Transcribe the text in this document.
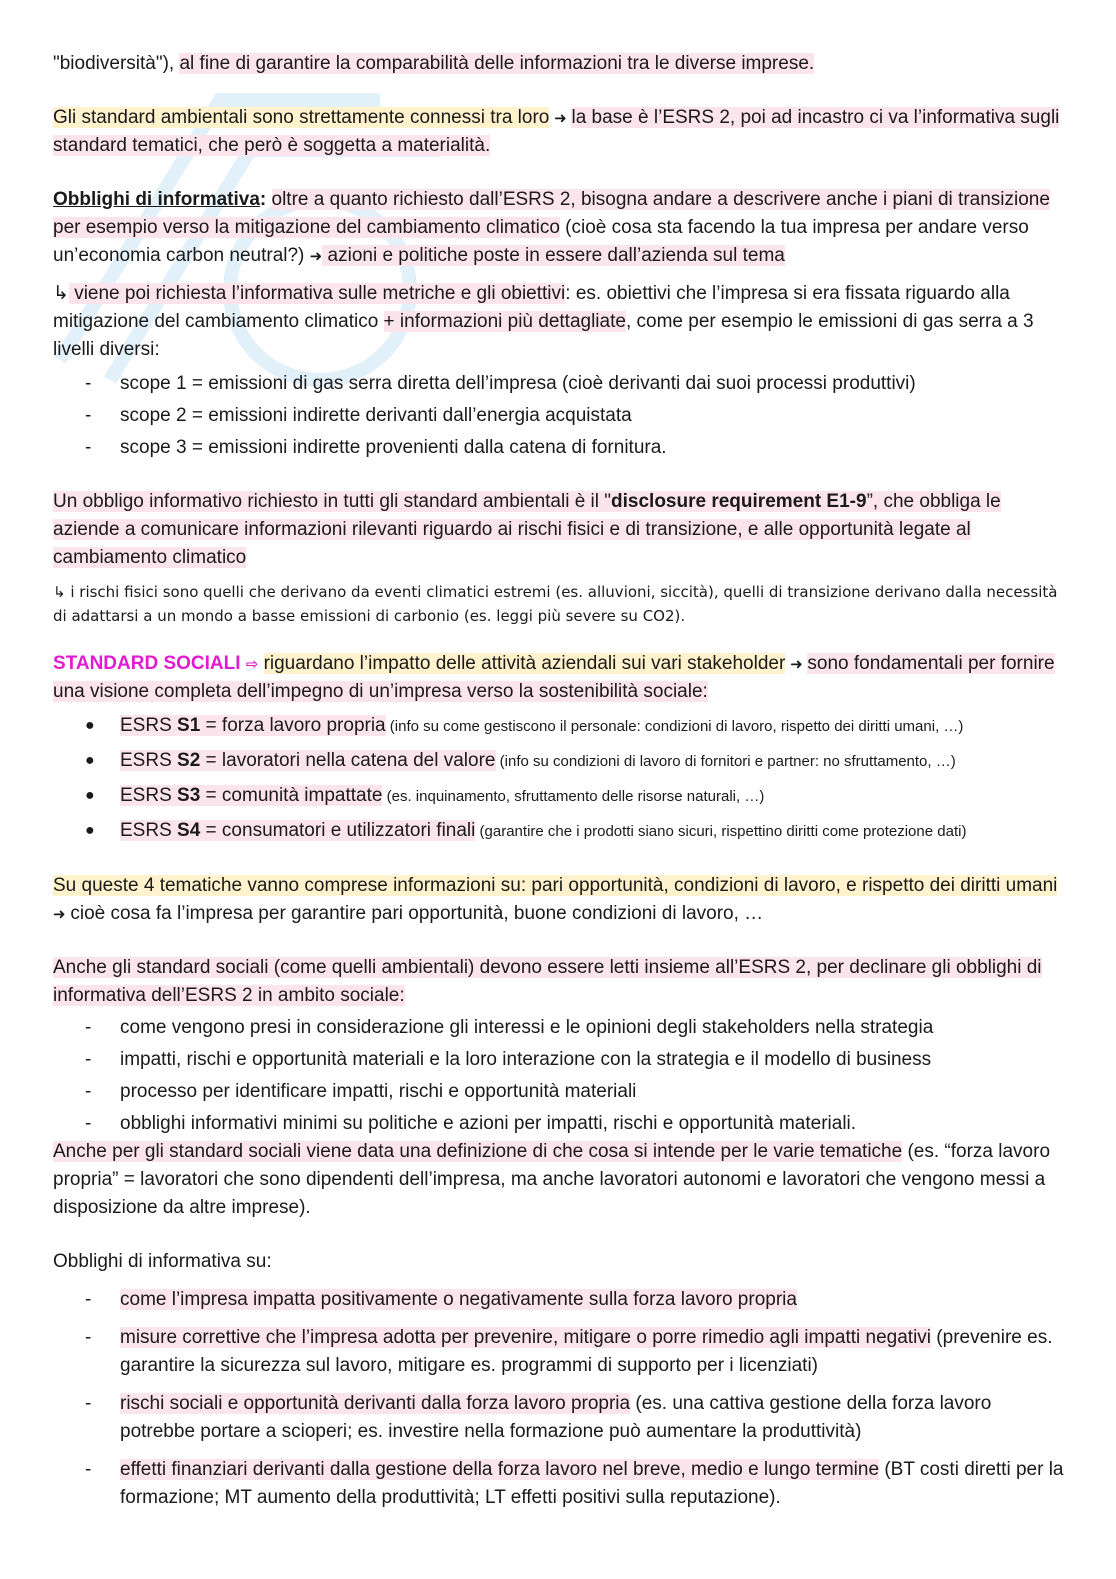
"biodiversità"), al fine di garantire la comparabilità delle informazioni tra le diverse imprese.

Gli standard ambientali sono strettamente connessi tra loro ➜ la base è l’ESRS 2, poi ad incastro ci va l’informativa sugli standard tematici, che però è soggetta a materialità.

Obblighi di informativa: oltre a quanto richiesto dall’ESRS 2, bisogna andare a descrivere anche i piani di transizione per esempio verso la mitigazione del cambiamento climatico (cioè cosa sta facendo la tua impresa per andare verso un’economia carbon neutral?) ➜ azioni e politiche poste in essere dall’azienda sul tema

↳ viene poi richiesta l’informativa sulle metriche e gli obiettivi: es. obiettivi che l’impresa si era fissata riguardo alla mitigazione del cambiamento climatico + informazioni più dettagliate, come per esempio le emissioni di gas serra a 3 livelli diversi:

- scope 1 = emissioni di gas serra diretta dell’impresa (cioè derivanti dai suoi processi produttivi)
- scope 2 = emissioni indirette derivanti dall’energia acquistata
- scope 3 = emissioni indirette provenienti dalla catena di fornitura.

Un obbligo informativo richiesto in tutti gli standard ambientali è il "disclosure requirement E1-9”, che obbliga le aziende a comunicare informazioni rilevanti riguardo ai rischi fisici e di transizione, e alle opportunità legate al cambiamento climatico

↳ i rischi fisici sono quelli che derivano da eventi climatici estremi (es. alluvioni, siccità), quelli di transizione derivano dalla necessità di adattarsi a un mondo a basse emissioni di carbonio (es. leggi più severe su CO2).

STANDARD SOCIALI ⇨ riguardano l’impatto delle attività aziendali sui vari stakeholder ➜ sono fondamentali per fornire una visione completa dell’impegno di un’impresa verso la sostenibilità sociale:

● ESRS S1 = forza lavoro propria (info su come gestiscono il personale: condizioni di lavoro, rispetto dei diritti umani, …)
● ESRS S2 = lavoratori nella catena del valore (info su condizioni di lavoro di fornitori e partner: no sfruttamento, …)
● ESRS S3 = comunità impattate (es. inquinamento, sfruttamento delle risorse naturali, …)
● ESRS S4 = consumatori e utilizzatori finali (garantire che i prodotti siano sicuri, rispettino diritti come protezione dati)

Su queste 4 tematiche vanno comprese informazioni su: pari opportunità, condizioni di lavoro, e rispetto dei diritti umani ➜ cioè cosa fa l’impresa per garantire pari opportunità, buone condizioni di lavoro, …

Anche gli standard sociali (come quelli ambientali) devono essere letti insieme all’ESRS 2, per declinare gli obblighi di informativa dell’ESRS 2 in ambito sociale:

- come vengono presi in considerazione gli interessi e le opinioni degli stakeholders nella strategia
- impatti, rischi e opportunità materiali e la loro interazione con la strategia e il modello di business
- processo per identificare impatti, rischi e opportunità materiali
- obblighi informativi minimi su politiche e azioni per impatti, rischi e opportunità materiali.

Anche per gli standard sociali viene data una definizione di che cosa si intende per le varie tematiche (es. “forza lavoro propria” = lavoratori che sono dipendenti dell’impresa, ma anche lavoratori autonomi e lavoratori che vengono messi a disposizione da altre imprese).

Obblighi di informativa su:

- come l’impresa impatta positivamente o negativamente sulla forza lavoro propria
- misure correttive che l’impresa adotta per prevenire, mitigare o porre rimedio agli impatti negativi (prevenire es. garantire la sicurezza sul lavoro, mitigare es. programmi di supporto per i licenziati)
- rischi sociali e opportunità derivanti dalla forza lavoro propria (es. una cattiva gestione della forza lavoro potrebbe portare a scioperi; es. investire nella formazione può aumentare la produttività)
- effetti finanziari derivanti dalla gestione della forza lavoro nel breve, medio e lungo termine (BT costi diretti per la formazione; MT aumento della produttività; LT effetti positivi sulla reputazione).
